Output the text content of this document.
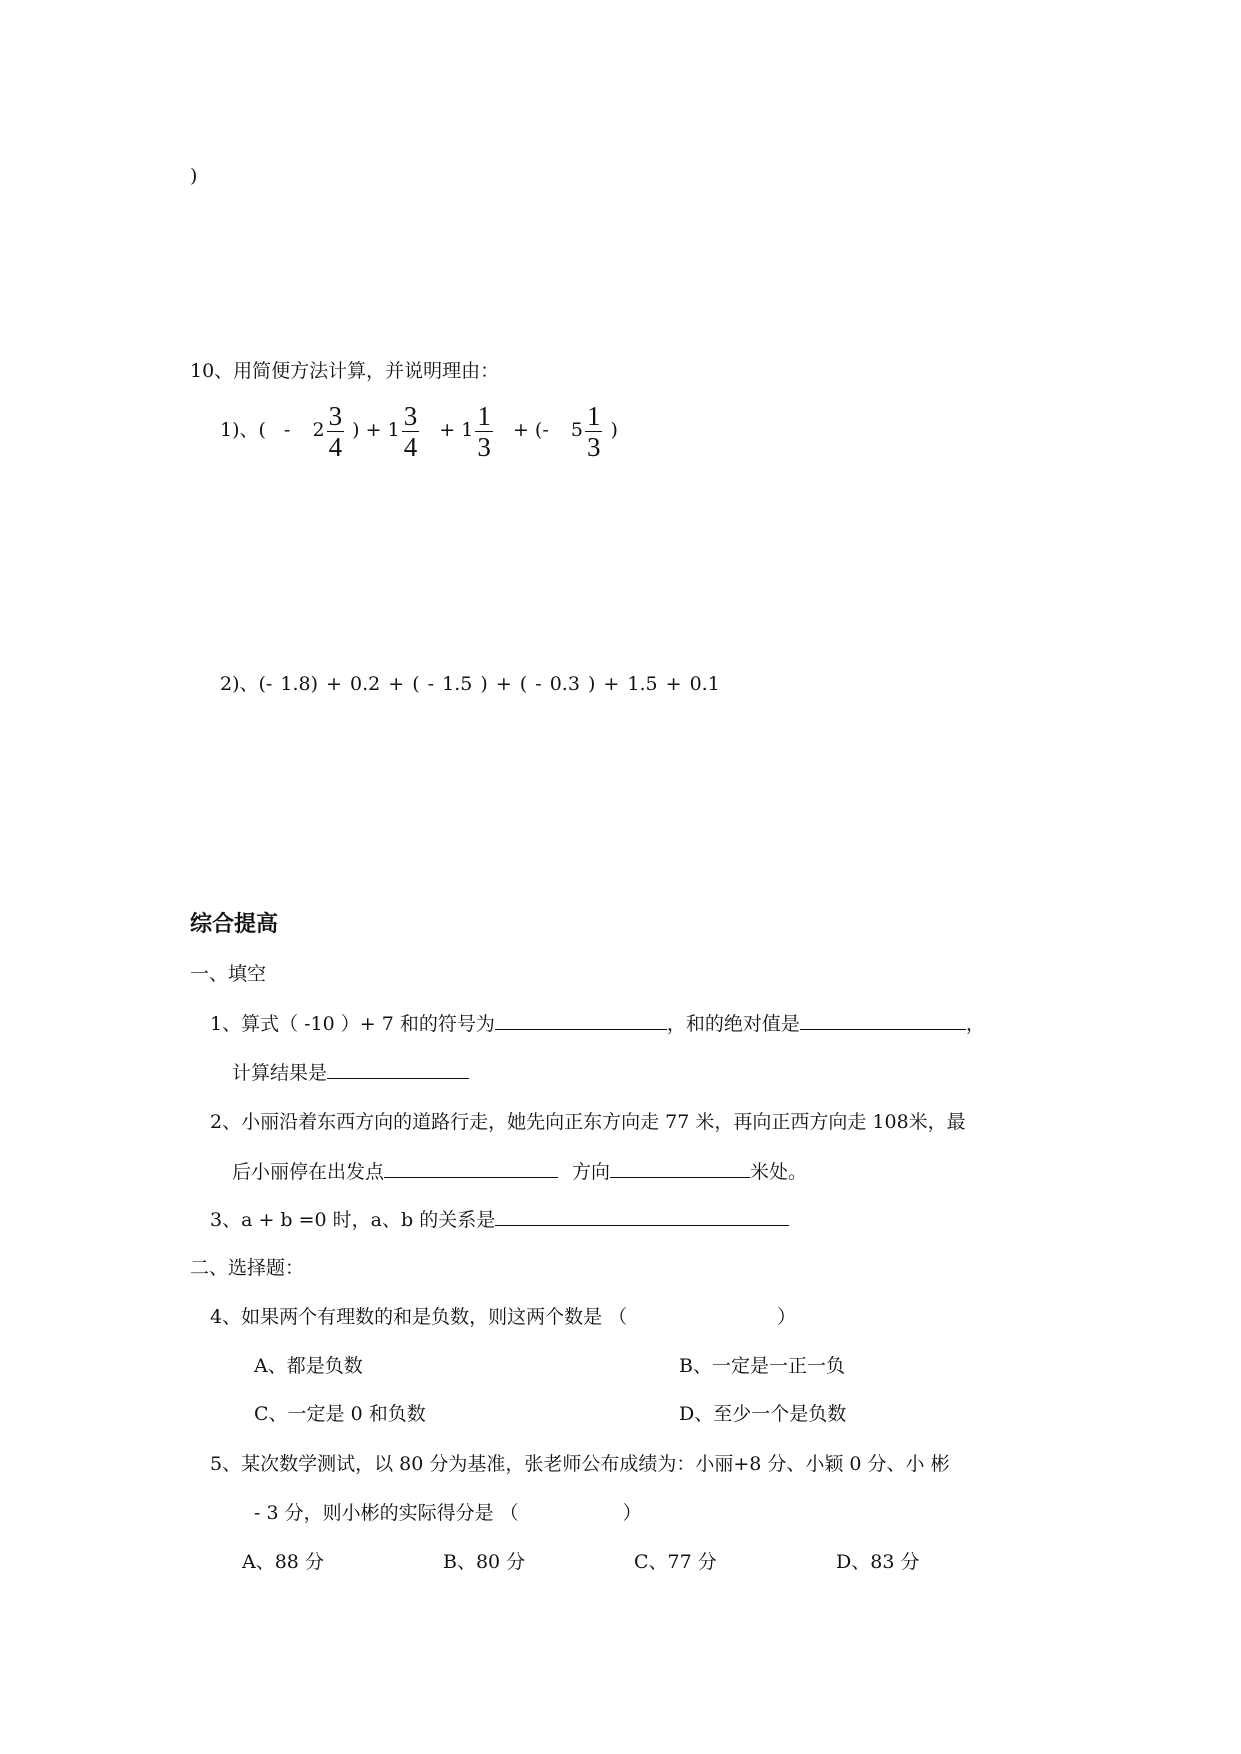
)
10、用简便方法计算，并说明理由：
1)、( - $2 \frac{3}{4}$ ) + $1 \frac{3}{4} + 1 \frac{1}{3}$ + (- $5 \frac{1}{3}$ )
2)、(- 1.8) + 0.2 + ( - 1.5 ) + ( - 0.3 ) + 1.5 + 0.1
综合提高
一、填空
1、算式（ -10 ）+ 7 和的符号为	，和的绝对值是	，
计算结果是
2、小丽沿着东西方向的道路行走，她先向正东方向走 77 米，再向正西方向走 108米，最
后小丽停在出发点	方向	米处。
3、a + b =0 时，a、b 的关系是
二、选择题：
4、如果两个有理数的和是负数，则这两个数是 （	）
A、都是负数	B、一定是一正一负
C、一定是 0 和负数	D、至少一个是负数
5、某次数学测试，以 80 分为基准，张老师公布成绩为：小丽+8 分、小颖 0 分、小 彬
- 3 分，则小彬的实际得分是 （	）
A、88 分	B、80 分	C、77 分	D、83 分
